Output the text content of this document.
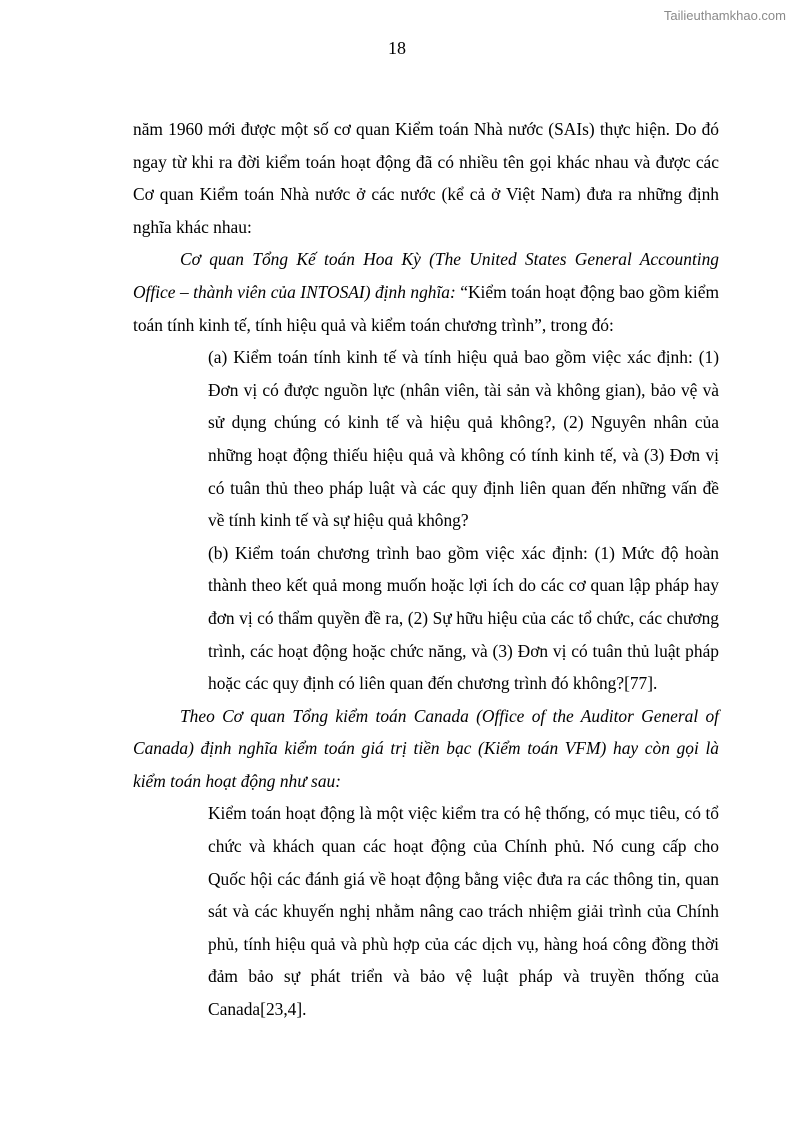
Tailieuthamkhao.com
18

năm 1960 mới được một số cơ quan Kiểm toán Nhà nước (SAIs) thực hiện. Do đó ngay từ khi ra đời kiểm toán hoạt động đã có nhiều tên gọi khác nhau và được các Cơ quan Kiểm toán Nhà nước ở các nước (kể cả ở Việt Nam) đưa ra những định nghĩa khác nhau:

Cơ quan Tổng Kế toán Hoa Kỳ (The United States General Accounting Office – thành viên của INTOSAI) định nghĩa: “Kiểm toán hoạt động bao gồm kiểm toán tính kinh tế, tính hiệu quả và kiểm toán chương trình”, trong đó:

(a) Kiểm toán tính kinh tế và tính hiệu quả bao gồm việc xác định: (1) Đơn vị có được nguồn lực (nhân viên, tài sản và không gian), bảo vệ và sử dụng chúng có kinh tế và hiệu quả không?, (2) Nguyên nhân của những hoạt động thiếu hiệu quả và không có tính kinh tế, và (3) Đơn vị có tuân thủ theo pháp luật và các quy định liên quan đến những vấn đề về tính kinh tế và sự hiệu quả không?

(b) Kiểm toán chương trình bao gồm việc xác định: (1) Mức độ hoàn thành theo kết quả mong muốn hoặc lợi ích do các cơ quan lập pháp hay đơn vị có thẩm quyền đề ra, (2) Sự hữu hiệu của các tổ chức, các chương trình, các hoạt động hoặc chức năng, và (3) Đơn vị có tuân thủ luật pháp hoặc các quy định có liên quan đến chương trình đó không?[77].

Theo Cơ quan Tổng kiểm toán Canada (Office of the Auditor General of Canada) định nghĩa kiểm toán giá trị tiền bạc (Kiểm toán VFM) hay còn gọi là kiểm toán hoạt động như sau:

Kiểm toán hoạt động là một việc kiểm tra có hệ thống, có mục tiêu, có tổ chức và khách quan các hoạt động của Chính phủ. Nó cung cấp cho Quốc hội các đánh giá về hoạt động bằng việc đưa ra các thông tin, quan sát và các khuyến nghị nhằm nâng cao trách nhiệm giải trình của Chính phủ, tính hiệu quả và phù hợp của các dịch vụ, hàng hoá công đồng thời đảm bảo sự phát triển và bảo vệ luật pháp và truyền thống của Canada[23,4].
